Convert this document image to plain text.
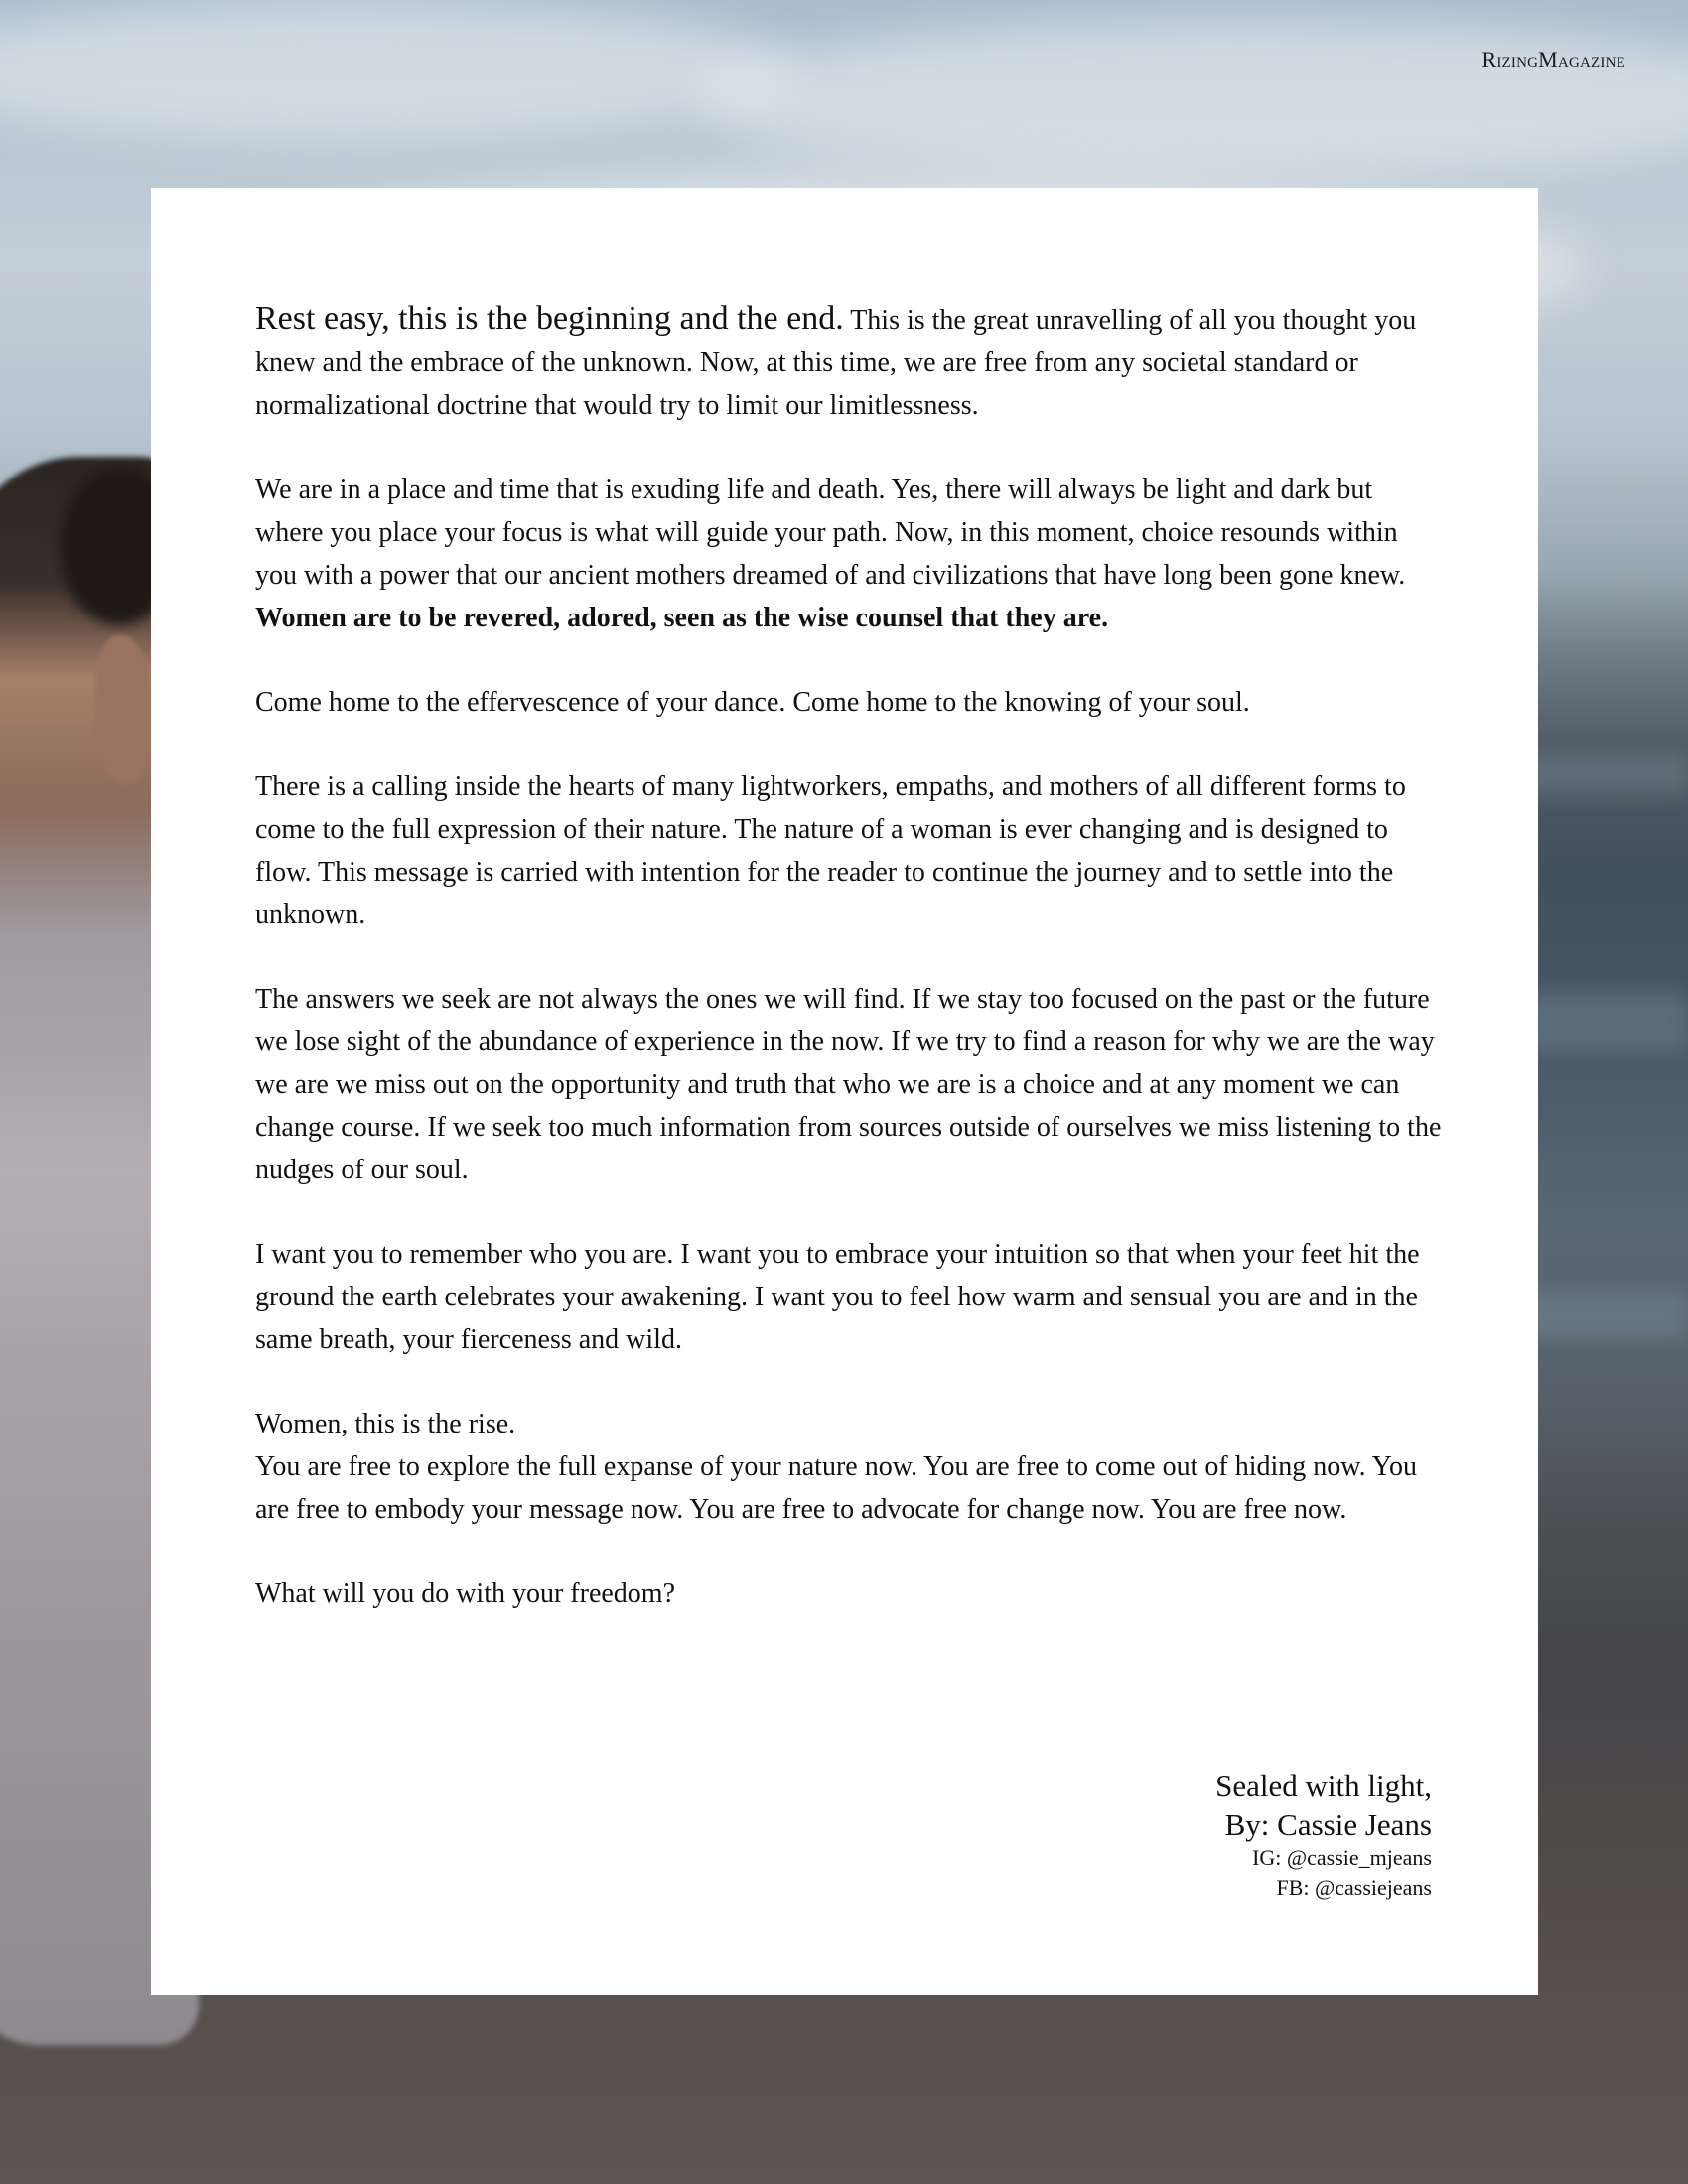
RizingMagazine

Rest easy, this is the beginning and the end. This is the great unravelling of all you thought you knew and the embrace of the unknown. Now, at this time, we are free from any societal standard or normalizational doctrine that would try to limit our limitlessness.

We are in a place and time that is exuding life and death. Yes, there will always be light and dark but where you place your focus is what will guide your path. Now, in this moment, choice resounds within you with a power that our ancient mothers dreamed of and civilizations that have long been gone knew. Women are to be revered, adored, seen as the wise counsel that they are.

Come home to the effervescence of your dance. Come home to the knowing of your soul.

There is a calling inside the hearts of many lightworkers, empaths, and mothers of all different forms to come to the full expression of their nature. The nature of a woman is ever changing and is designed to flow. This message is carried with intention for the reader to continue the journey and to settle into the unknown.

The answers we seek are not always the ones we will find. If we stay too focused on the past or the future we lose sight of the abundance of experience in the now. If we try to find a reason for why we are the way we are we miss out on the opportunity and truth that who we are is a choice and at any moment we can change course. If we seek too much information from sources outside of ourselves we miss listening to the nudges of our soul.

I want you to remember who you are. I want you to embrace your intuition so that when your feet hit the ground the earth celebrates your awakening. I want you to feel how warm and sensual you are and in the same breath, your fierceness and wild.

Women, this is the rise.

You are free to explore the full expanse of your nature now. You are free to come out of hiding now. You are free to embody your message now. You are free to advocate for change now. You are free now.

What will you do with your freedom?

Sealed with light,
By: Cassie Jeans
IG: @cassie_mjeans
FB: @cassiejeans
